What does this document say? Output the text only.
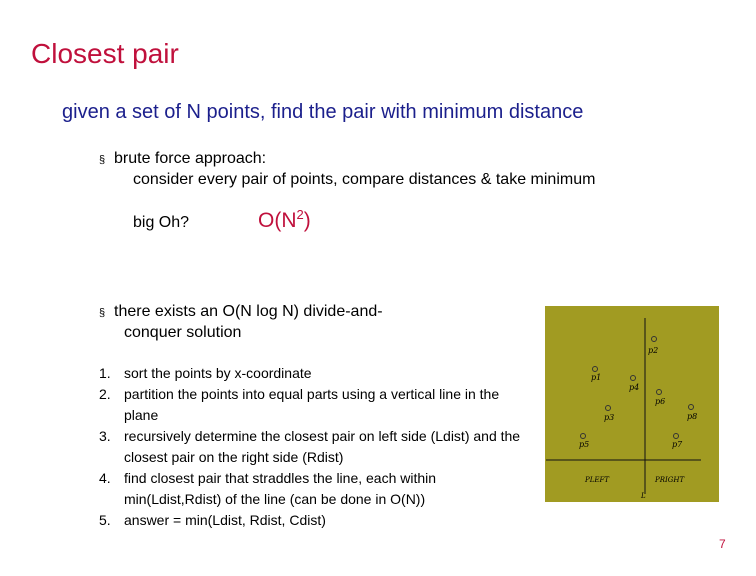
Closest pair
given a set of N points, find the pair with minimum distance
§ brute force approach:
consider every pair of points, compare distances & take minimum
big Oh?	$O(N^2)$
§ there exists an O(N log N) divide-and-
conquer solution
1. sort the points by x-coordinate
2. partition the points into equal parts using a vertical line in the plane
3. recursively determine the closest pair on left side (Ldist) and the closest pair on the right side (Rdist)
4. find closest pair that straddles the line, each within min(Ldist,Rdist) of the line (can be done in O(N))
5. answer = min(Ldist, Rdist, Cdist)
p2
p1
p4
p3
p5
p6
p8
p7
PLEFT	PRIGHT
L
7
